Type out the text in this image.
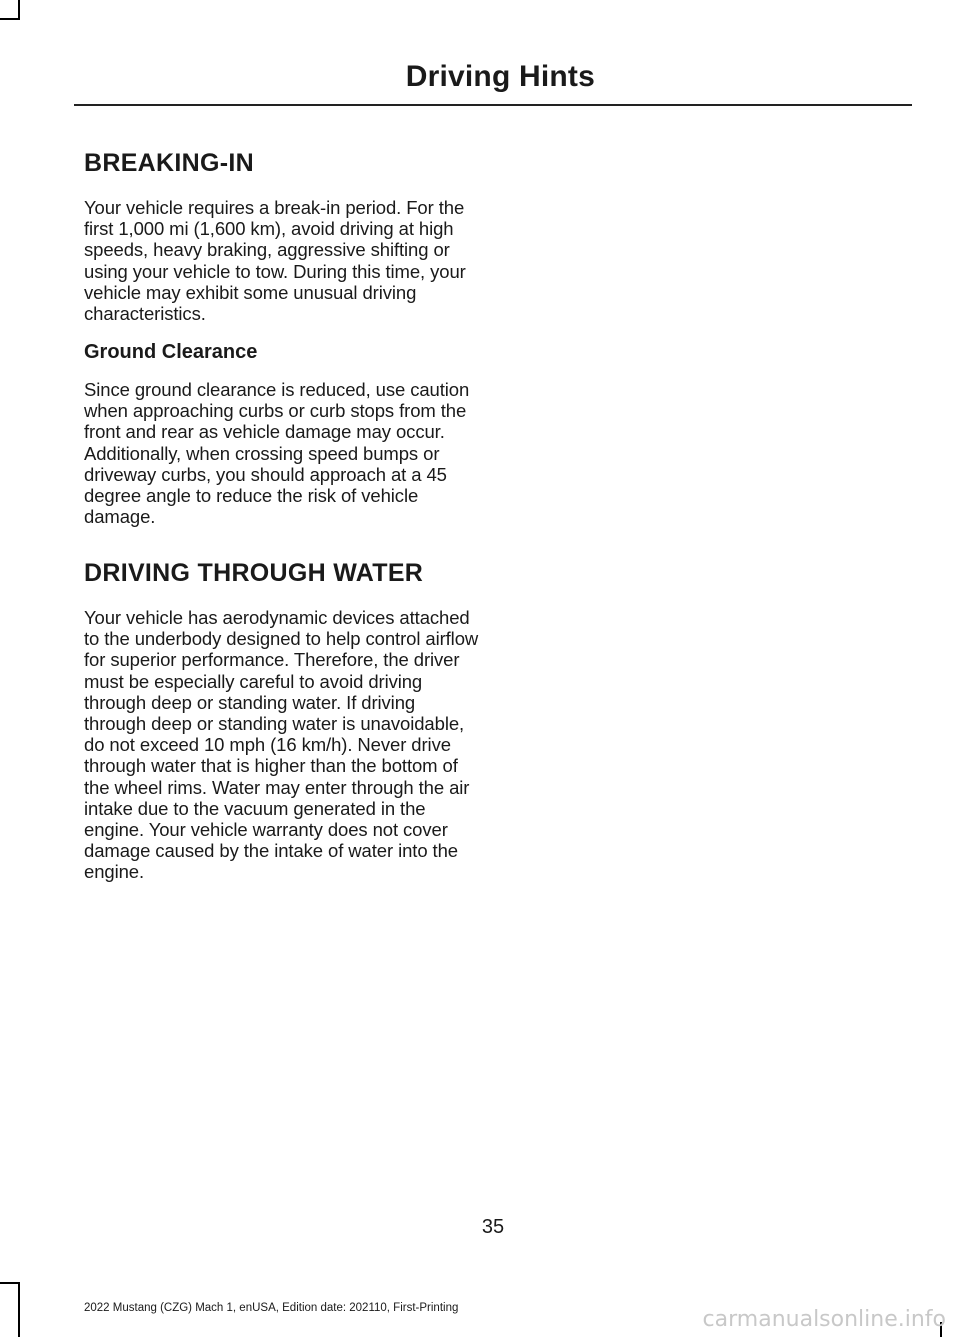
Driving Hints
BREAKING-IN

Your vehicle requires a break-in period. For the first 1,000 mi (1,600 km), avoid driving at high speeds, heavy braking, aggressive shifting or using your vehicle to tow. During this time, your vehicle may exhibit some unusual driving characteristics.

Ground Clearance

Since ground clearance is reduced, use caution when approaching curbs or curb stops from the front and rear as vehicle damage may occur. Additionally, when crossing speed bumps or driveway curbs, you should approach at a 45 degree angle to reduce the risk of vehicle damage.

DRIVING THROUGH WATER

Your vehicle has aerodynamic devices attached to the underbody designed to help control airflow for superior performance. Therefore, the driver must be especially careful to avoid driving through deep or standing water. If driving through deep or standing water is unavoidable, do not exceed 10 mph (16 km/h). Never drive through water that is higher than the bottom of the wheel rims. Water may enter through the air intake due to the vacuum generated in the engine. Your vehicle warranty does not cover damage caused by the intake of water into the engine.

35
2022 Mustang (CZG) Mach 1, enUSA, Edition date: 202110, First-Printing	carmanualsonline.info
